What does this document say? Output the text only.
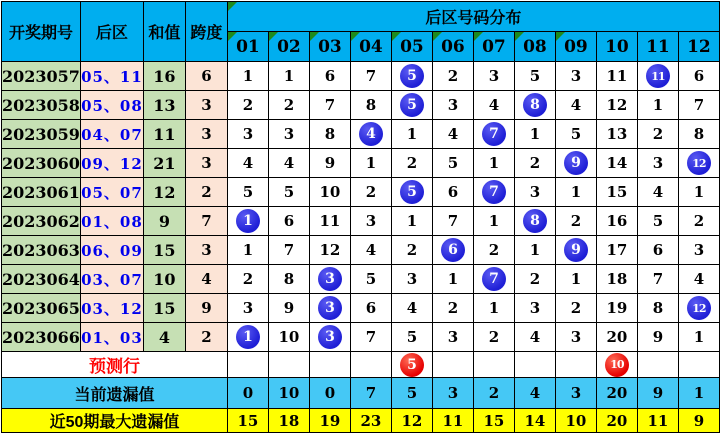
开奖期号	后区	和值	跨度	后区号码分布											
				01	02	03	04	05	06	07	08	09	10	11	12
2023057	05、11	16	6	1	1	6	7	5	2	3	5	3	11	11	6
2023058	05、08	13	3	2	2	7	8	5	3	4	8	4	12	1	7
2023059	04、07	11	3	3	3	8	4	1	4	7	1	5	13	2	8
2023060	09、12	21	3	4	4	9	1	2	5	1	2	9	14	3	12
2023061	05、07	12	2	5	5	10	2	5	6	7	3	1	15	4	1
2023062	01、08	9	7	1	6	11	3	1	7	1	8	2	16	5	2
2023063	06、09	15	3	1	7	12	4	2	6	2	1	9	17	6	3
2023064	03、07	10	4	2	8	3	5	3	1	7	2	1	18	7	4
2023065	03、12	15	9	3	9	3	6	4	2	1	3	2	19	8	12
2023066	01、03	4	2	1	10	3	7	5	3	2	4	3	20	9	1
预测行								5					10		
当前遗漏值				0	10	0	7	5	3	2	4	3	20	9	1
近50期最大遗漏值				15	18	19	23	12	11	15	14	10	20	11	9
